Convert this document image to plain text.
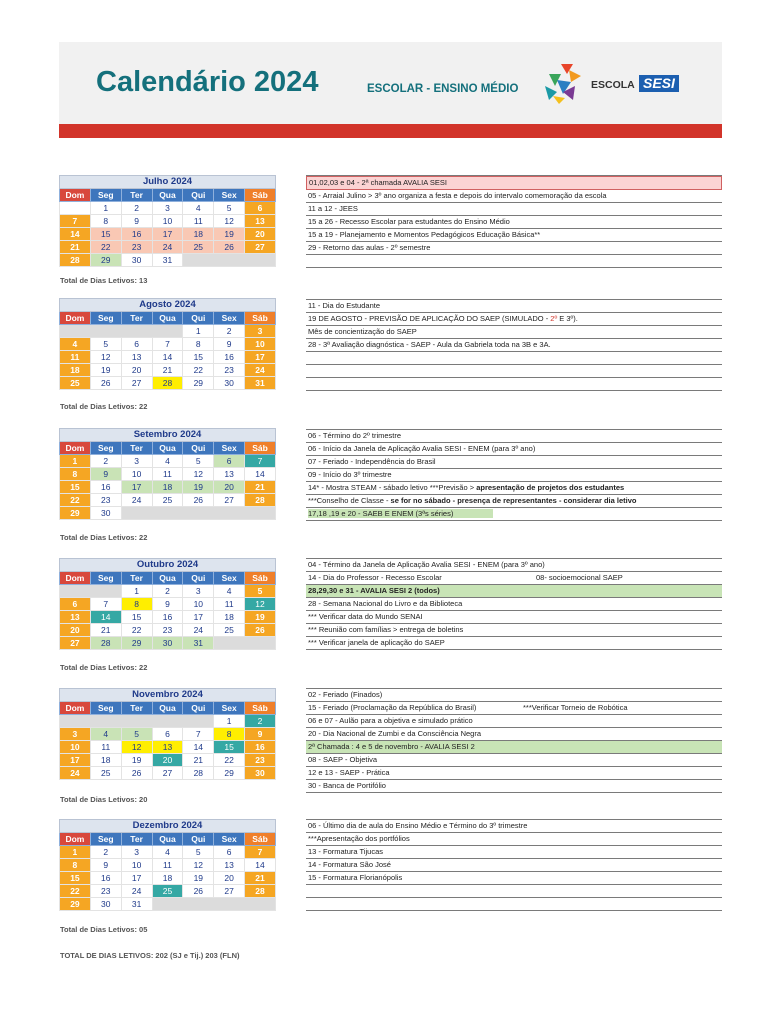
Calendário 2024	ESCOLAR - ENSINO MÉDIO	ESCOLA SESI
Julho 2024						
Dom	Seg	Ter	Qua	Qui	Sex	Sáb
	1	2	3	4	5	6
7	8	9	10	11	12	13
14	15	16	17	18	19	20
21	22	23	24	25	26	27
28	29	30	31			
Total de Dias Letivos: 13
01,02,03 e 04 - 2ª chamada AVALIA SESI
05 - Arraial Julino > 3º ano organiza a festa e depois do intervalo comemoração da escola
11 a 12 - JEES
15 a 26 - Recesso Escolar para estudantes do Ensino Médio
15 a 19 - Planejamento e Momentos Pedagógicos Educação Básica**
29 - Retorno das aulas - 2º semestre
Agosto 2024						
Dom	Seg	Ter	Qua	Qui	Sex	Sáb
				1	2	3
4	5	6	7	8	9	10
11	12	13	14	15	16	17
18	19	20	21	22	23	24
25	26	27	28	29	30	31
Total de Dias Letivos: 22
11 - Dia do Estudante
19 DE AGOSTO - PREVISÃO DE APLICAÇÃO DO SAEP (SIMULADO - 2º E 3º).
Mês de concientização do SAEP
28 - 3ª Avaliação diagnóstica - SAEP - Aula da Gabriela toda na 3B e 3A.
Setembro 2024						
Dom	Seg	Ter	Qua	Qui	Sex	Sáb
1	2	3	4	5	6	7
8	9	10	11	12	13	14
15	16	17	18	19	20	21
22	23	24	25	26	27	28
29	30					
Total de Dias Letivos: 22
06 - Término do 2º trimestre
06 - Início da Janela de Aplicação Avalia SESI - ENEM (para 3º ano)
07 - Feriado - Independência do Brasil
09 - Início do 3º trimestre
14* - Mostra STEAM - sábado letivo ***Previsão > apresentação de projetos dos estudantes
***Conselho de Classe - se for no sábado - presença de representantes - considerar dia letivo
17,18 ,19 e 20 - SAEB E ENEM (3ªs séries)
Outubro 2024						
Dom	Seg	Ter	Qua	Qui	Sex	Sáb
		1	2	3	4	5
6	7	8	9	10	11	12
13	14	15	16	17	18	19
20	21	22	23	24	25	26
27	28	29	30	31		
Total de Dias Letivos: 22
04 - Término da Janela de Aplicação Avalia SESI - ENEM (para 3º ano)
14 - Dia do Professor - Recesso Escolar	08- socioemocional SAEP
28,29,30 e 31 - AVALIA SESI 2 (todos)
28 - Semana Nacional do Livro e da Biblioteca
*** Verificar data do Mundo SENAI
*** Reunião com famílias > entrega de boletins
*** Verificar janela de aplicação do SAEP
Novembro 2024						
Dom	Seg	Ter	Qua	Qui	Sex	Sáb
					1	2
3	4	5	6	7	8	9
10	11	12	13	14	15	16
17	18	19	20	21	22	23
24	25	26	27	28	29	30
Total de Dias Letivos: 20
02 - Feriado (Finados)
15 - Feriado (Proclamação da República do Brasil)	***Verificar Torneio de Robótica
06 e 07 - Aulão para a objetiva e simulado prático
20 - Dia Nacional de Zumbi e da Consciência Negra
2ª Chamada : 4 e 5 de novembro - AVALIA SESI 2
08 - SAEP - Objetiva
12 e 13 - SAEP - Prática
30 - Banca de Portifólio
Dezembro 2024						
Dom	Seg	Ter	Qua	Qui	Sex	Sáb
1	2	3	4	5	6	7
8	9	10	11	12	13	14
15	16	17	18	19	20	21
22	23	24	25	26	27	28
29	30	31				
Total de Dias Letivos: 05
06 - Último dia de aula do Ensino Médio e Término do 3º trimestre
***Apresentação dos portfólios
13 - Formatura Tijucas
14 - Formatura São José
15 - Formatura Florianópolis
TOTAL DE DIAS LETIVOS: 202 (SJ e Tij.) 203 (FLN)
